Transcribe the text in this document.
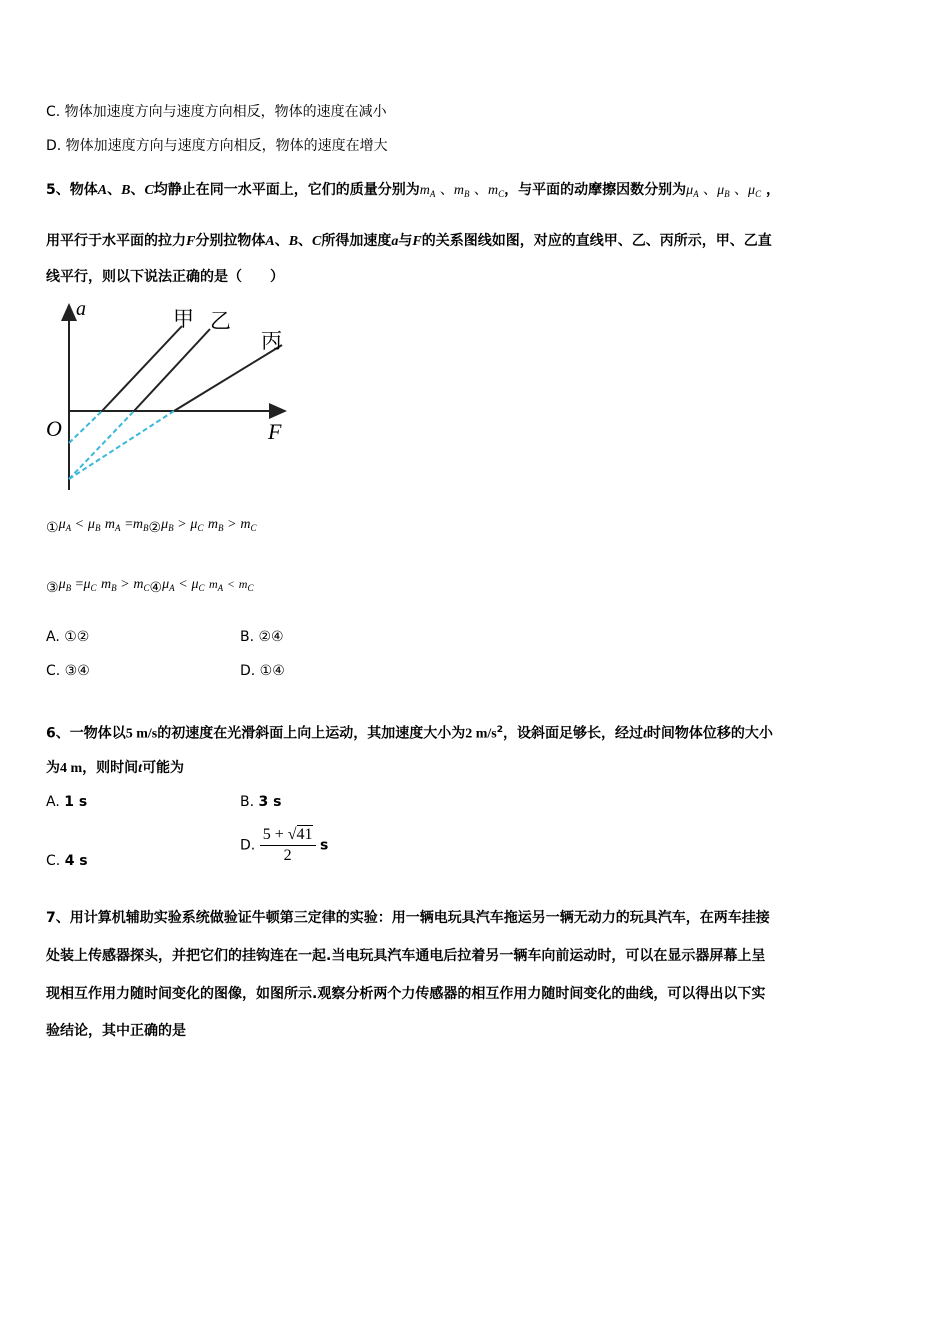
C. 物体加速度方向与速度方向相反，物体的速度在减小
D. 物体加速度方向与速度方向相反，物体的速度在增大
5、物体A、B、C均静止在同一水平面上，它们的质量分别为$m_A$ 、$m_B$ 、$m_C$，与平面的动摩擦因数分别为$\mu_A$ 、$\mu_B$ 、$\mu_C$ ，
用平行于水平面的拉力F分别拉物体A、B、C所得加速度a与F的关系图线如图，对应的直线甲、乙、丙所示，甲、乙直
线平行，则以下说法正确的是（　　）
a
F
O
甲 乙
丙
$①\mu_A < \mu_B$ $m_A$ $=m_B②\mu_B > \mu_C$ $m_B > m_C$
$③\mu_B =\mu_C$ $m_B$ > $m_C④\mu_A < \mu_C$ $m_A < m_C$
A. ①②	B. ②④
C. ③④	D. ①④
6、一物体以5 m/s的初速度在光滑斜面上向上运动，其加速度大小为2 $m/s^2$，设斜面足够长，经过t时间物体位移的大小
为4 m，则时间t可能为
A. 1 s	B. 3 s
C. 4 s
D. $\frac{5 + √41}{2}$ s
7、用计算机辅助实验系统做验证牛顿第三定律的实验：用一辆电玩具汽车拖运另一辆无动力的玩具汽车，在两车挂接
处装上传感器探头，并把它们的挂钩连在一起.当电玩具汽车通电后拉着另一辆车向前运动时，可以在显示器屏幕上呈
现相互作用力随时间变化的图像，如图所示.观察分析两个力传感器的相互作用力随时间变化的曲线，可以得出以下实
验结论，其中正确的是
